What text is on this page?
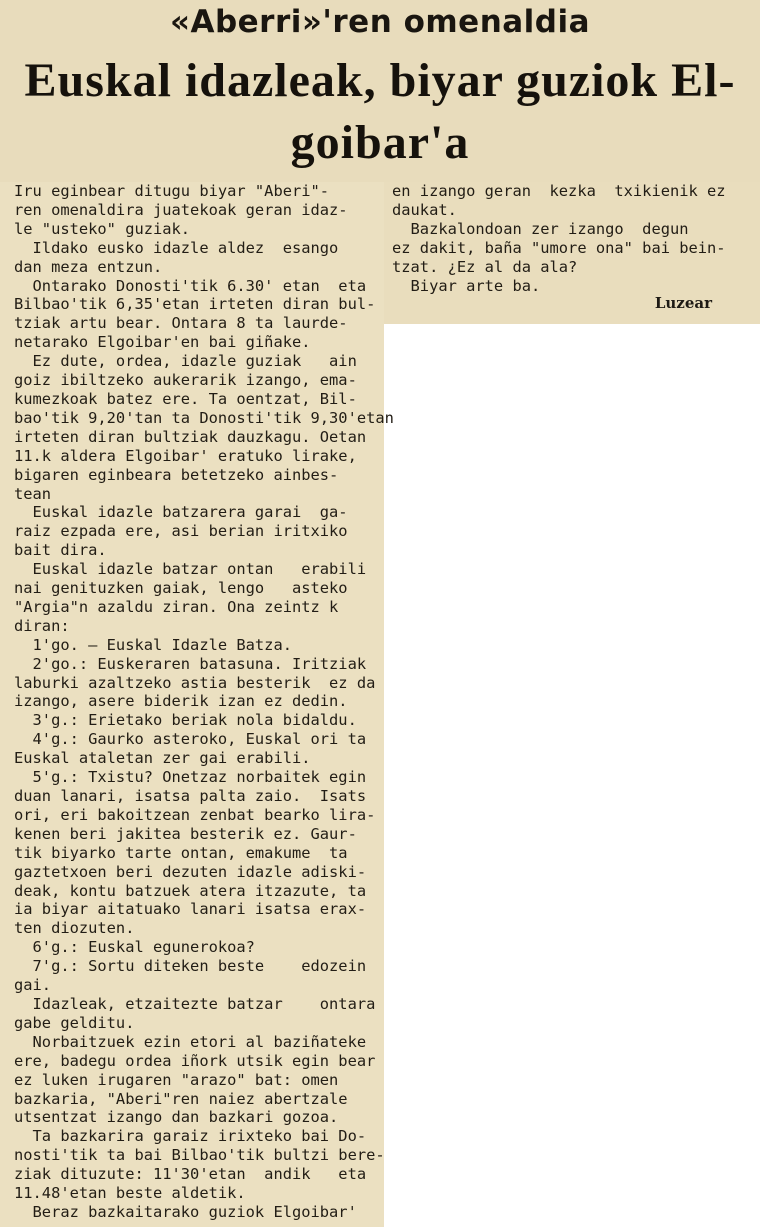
«Aberri»'ren omenaldia
Euskal idazleak, biyar guziok El-
goibar'a
Iru eginbear ditugu biyar "Aberi"-
ren omenaldira juatekoak geran idaz-
le "usteko" guziak.
Ildako eusko idazle aldez  esango
dan meza entzun.
Ontarako Donosti'tik 6.30' etan  eta
Bilbao'tik 6,35'etan irteten diran bul-
tziak artu bear. Ontara 8 ta laurde-
netarako Elgoibar'en bai giñake.
Ez dute, ordea, idazle guziak   ain
goiz ibiltzeko aukerarik izango, ema-
kumezkoak batez ere. Ta oentzat, Bil-
bao'tik 9,20'tan ta Donosti'tik 9,30'etan
irteten diran bultziak dauzkagu. Oetan
11.k aldera Elgoibar' eratuko lirake,
bigaren eginbeara betetzeko ainbes-
tean
Euskal idazle batzarera garai  ga-
raiz ezpada ere, asi berian iritxiko
bait dira.
Euskal idazle batzar ontan   erabili
nai genituzken gaiak, lengo   asteko
"Argia"n azaldu ziran. Ona zeintz k
diran:
1'go. — Euskal Idazle Batza.
2'go.: Euskeraren batasuna. Iritziak
laburki azaltzeko astia besterik  ez da
izango, asere biderik izan ez dedin.
3'g.: Erietako beriak nola bidaldu.
4'g.: Gaurko asteroko, Euskal ori ta
Euskal ataletan zer gai erabili.
5'g.: Txistu? Onetzaz norbaitek egin
duan lanari, isatsa palta zaio.  Isats
ori, eri bakoitzean zenbat bearko lira-
kenen beri jakitea besterik ez. Gaur-
tik biyarko tarte ontan, emakume  ta
gaztetxoen beri dezuten idazle adiski-
deak, kontu batzuek atera itzazute, ta
ia biyar aitatuako lanari isatsa erax-
ten diozuten.
6'g.: Euskal egunerokoa?
7'g.: Sortu diteken beste    edozein
gai.
Idazleak, etzaitezte batzar    ontara
gabe gelditu.
Norbaitzuek ezin etori al baziñateke
ere, badegu ordea iñork utsik egin bear
ez luken irugaren "arazo" bat: omen
bazkaria, "Aberi"ren naiez abertzale
utsentzat izango dan bazkari gozoa.
Ta bazkarira garaiz irixteko bai Do-
nosti'tik ta bai Bilbao'tik bultzi bere-
ziak dituzute: 11'30'etan  andik   eta
11.48'etan beste aldetik.
Beraz bazkaitarako guziok Elgoibar'
en izango geran  kezka  txikienik ez
daukat.
Bazkalondoan zer izango  degun
ez dakit, baña "umore ona" bai bein-
tzat. ¿Ez al da ala?
Biyar arte ba.
Luzear
